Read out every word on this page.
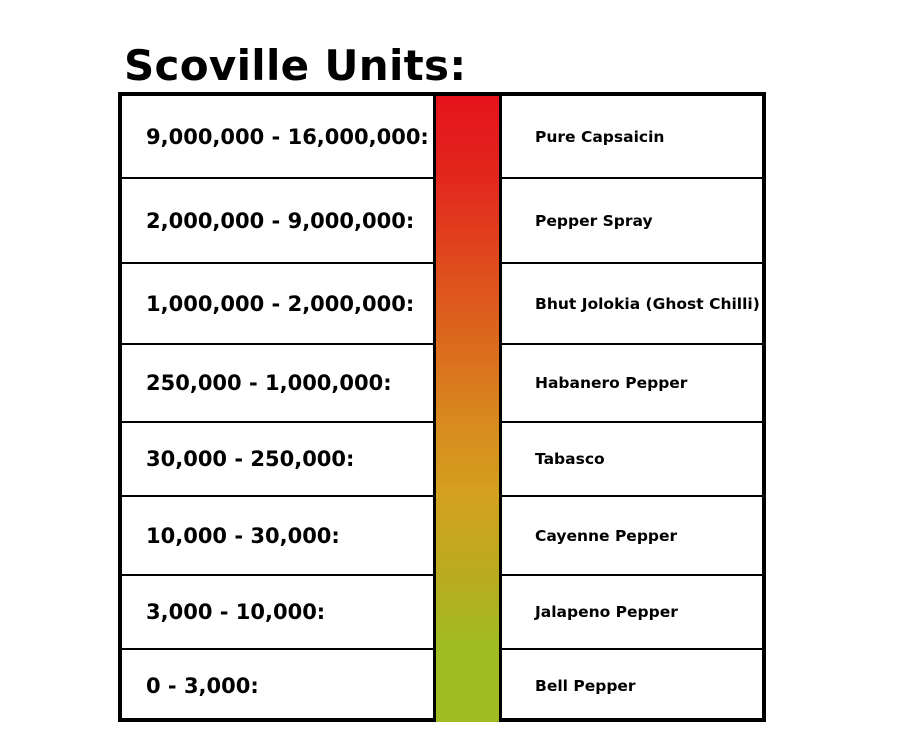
Scoville Units:
9,000,000 - 16,000,000:	Pure Capsaicin
2,000,000 - 9,000,000:	Pepper Spray
1,000,000 - 2,000,000:	Bhut Jolokia (Ghost Chilli)
250,000 - 1,000,000:	Habanero Pepper
30,000 - 250,000:	Tabasco
10,000 - 30,000:	Cayenne Pepper
3,000 - 10,000:	Jalapeno Pepper
0 - 3,000:	Bell Pepper
